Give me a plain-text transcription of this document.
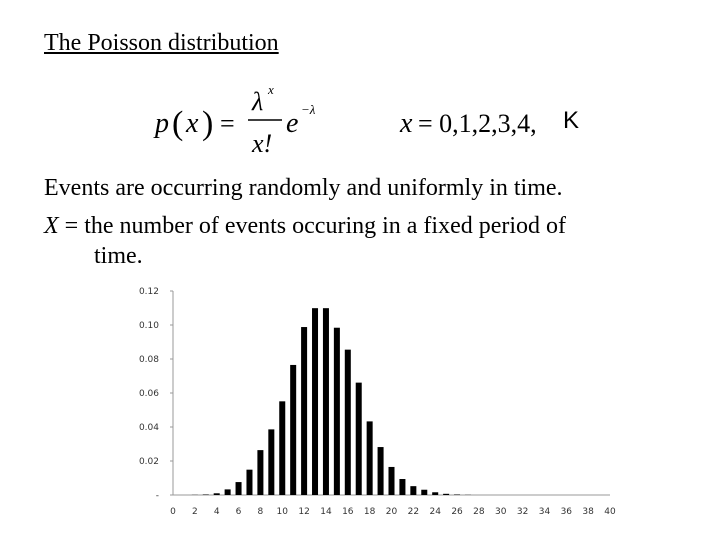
The Poisson distribution
p ( x ) =
λ x
x!
e −λ	x = 0,1,2,3,4, K
Events are occurring randomly and uniformly in time.
X = the number of events occuring in a fixed period of
time.
0.12
0.10
0.08
0.06
0.04
0.02
-
0 2 4 6 8 10 12 14 16 18 20 22 24 26 28 30 32 34 36 38 40
